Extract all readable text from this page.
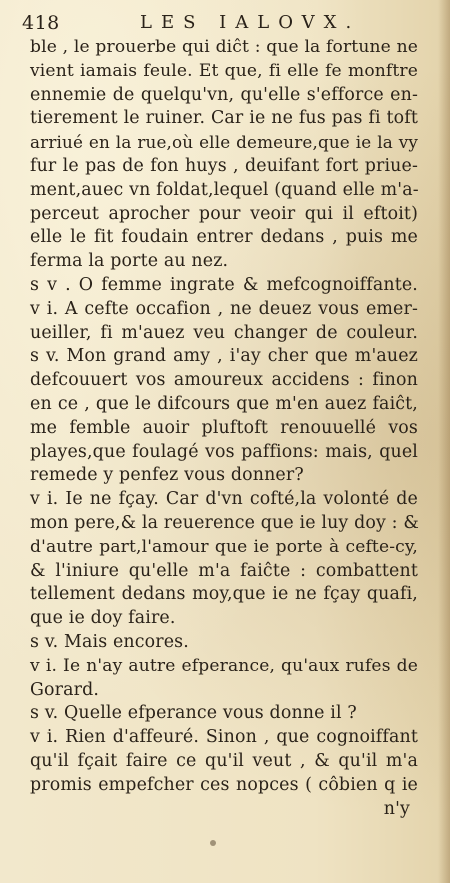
418	LES IALOVX.
ble , le prouerbe qui diĉt : que la fortune ne
vient iamais feule. Et que, fi elle fe monftre
ennemie de quelqu'vn, qu'elle s'efforce en-
tierement le ruiner. Car ie ne fus pas fi toft
arriué en la rue,où elle demeure,que ie la vy
fur le pas de fon huys , deuifant fort priue-
ment,auec vn foldat,lequel (quand elle m'a-
perceut aprocher pour veoir qui il eftoit)
elle le fit foudain entrer dedans , puis me
ferma la porte au nez.
s v . O femme ingrate & mefcognoiffante.
v i. A cefte occafion , ne deuez vous emer-
ueiller, fi m'auez veu changer de couleur.
s v. Mon grand amy , i'ay cher que m'auez
defcouuert vos amoureux accidens : finon
en ce , que le difcours que m'en auez faiĉt,
me femble auoir pluftoft renouuellé vos
playes,que foulagé vos paffions: mais, quel
remede y penfez vous donner?
v i. Ie ne fçay. Car d'vn cofté,la volonté de
mon pere,& la reuerence que ie luy doy : &
d'autre part,l'amour que ie porte à cefte-cy,
& l'iniure qu'elle m'a faiĉte : combattent
tellement dedans moy,que ie ne fçay quafi,
que ie doy faire.
s v. Mais encores.
v i. Ie n'ay autre efperance, qu'aux rufes de
Gorard.
s v. Quelle efperance vous donne il ?
v i. Rien d'affeuré. Sinon , que cognoiffant
qu'il fçait faire ce qu'il veut , & qu'il m'a
promis empefcher ces nopces ( côbien q ie
n'y
